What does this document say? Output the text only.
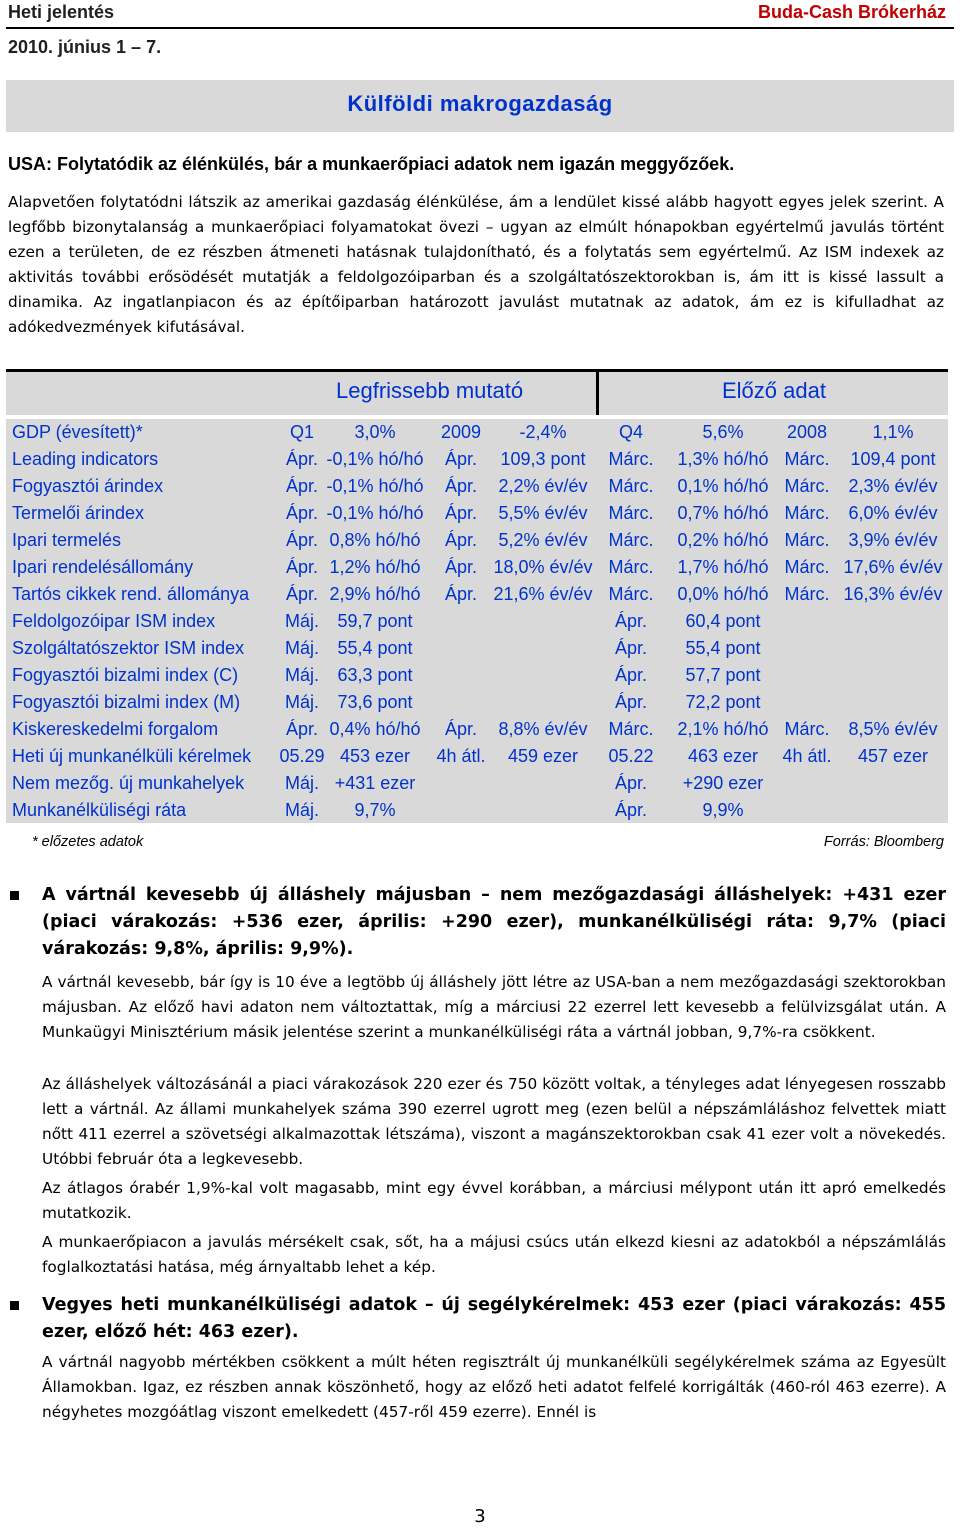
Heti jelentés	Buda-Cash Brókerház
2010. június 1 – 7.
Külföldi makrogazdaság
USA: Folytatódik az élénkülés, bár a munkaerőpiaci adatok nem igazán meggyőzőek.
Alapvetően folytatódni látszik az amerikai gazdaság élénkülése, ám a lendület kissé alább hagyott egyes jelek szerint. A legfőbb bizonytalanság a munkaerőpiaci folyamatokat övezi – ugyan az elmúlt hónapokban egyértelmű javulás történt ezen a területen, de ez részben átmeneti hatásnak tulajdonítható, és a folytatás sem egyértelmű. Az ISM indexek az aktivitás további erősödését mutatják a feldolgozóiparban és a szolgáltatószektorokban is, ám itt is kissé lassult a dinamika. Az ingatlanpiacon és az építőiparban határozott javulást mutatnak az adatok, ám ez is kifulladhat az adókedvezmények kifutásával.
Legfrissebb mutató	Előző adat
GDP (évesített)*	Q1	3,0%	2009	-2,4%	Q4	5,6%	2008	1,1%
Leading indicators	Ápr. -0,1% hó/hó	Ápr.	109,3 pont	Márc.	1,3% hó/hó Márc.	109,4 pont
Fogyasztói árindex	Ápr. -0,1% hó/hó	Ápr.	2,2% év/év	Márc.	0,1% hó/hó Márc.	2,3% év/év
Termelői árindex	Ápr. -0,1% hó/hó	Ápr.	5,5% év/év	Márc.	0,7% hó/hó Márc.	6,0% év/év
Ipari termelés	Ápr. 0,8% hó/hó	Ápr.	5,2% év/év	Márc.	0,2% hó/hó Márc.	3,9% év/év
Ipari rendelésállomány	Ápr. 1,2% hó/hó	Ápr. 18,0% év/év Márc.	1,7% hó/hó Márc. 17,6% év/év
Tartós cikkek rend. állománya	Ápr. 2,9% hó/hó	Ápr. 21,6% év/év Márc.	0,0% hó/hó Márc. 16,3% év/év
Feldolgozóipar ISM index	Máj.	59,7 pont	Ápr.	60,4 pont
Szolgáltatószektor ISM index	Máj.	55,4 pont	Ápr.	55,4 pont
Fogyasztói bizalmi index (C)	Máj.	63,3 pont	Ápr.	57,7 pont
Fogyasztói bizalmi index (M)	Máj.	73,6 pont	Ápr.	72,2 pont
Kiskereskedelmi forgalom	Ápr. 0,4% hó/hó	Ápr.	8,8% év/év	Márc.	2,1% hó/hó Márc.	8,5% év/év
Heti új munkanélküli kérelmek	05.29 453 ezer	4h átl.	459 ezer	05.22	463 ezer	4h átl.	457 ezer
Nem mezőg. új munkahelyek	Máj. +431 ezer	Ápr.	+290 ezer
Munkanélküliségi ráta	Máj.	9,7%	Ápr.	9,9%
* előzetes adatok	Forrás: Bloomberg
A vártnál kevesebb új álláshely májusban – nem mezőgazdasági álláshelyek: +431 ezer (piaci várakozás: +536 ezer, április: +290 ezer), munkanélküliségi ráta: 9,7% (piaci várakozás: 9,8%, április: 9,9%).
A vártnál kevesebb, bár így is 10 éve a legtöbb új álláshely jött létre az USA-ban a nem mezőgazdasági szektorokban májusban. Az előző havi adaton nem változtattak, míg a márciusi 22 ezerrel lett kevesebb a felülvizsgálat után. A Munkaügyi Minisztérium másik jelentése szerint a munkanélküliségi ráta a vártnál jobban, 9,7%-ra csökkent.
Az álláshelyek változásánál a piaci várakozások 220 ezer és 750 között voltak, a tényleges adat lényegesen rosszabb lett a vártnál. Az állami munkahelyek száma 390 ezerrel ugrott meg (ezen belül a népszámláláshoz felvettek miatt nőtt 411 ezerrel a szövetségi alkalmazottak létszáma), viszont a magánszektorokban csak 41 ezer volt a növekedés. Utóbbi február óta a legkevesebb.
Az átlagos órabér 1,9%-kal volt magasabb, mint egy évvel korábban, a márciusi mélypont után itt apró emelkedés mutatkozik.
A munkaerőpiacon a javulás mérsékelt csak, sőt, ha a májusi csúcs után elkezd kiesni az adatokból a népszámlálás foglalkoztatási hatása, még árnyaltabb lehet a kép.
Vegyes heti munkanélküliségi adatok – új segélykérelmek: 453 ezer (piaci várakozás: 455 ezer, előző hét: 463 ezer).
A vártnál nagyobb mértékben csökkent a múlt héten regisztrált új munkanélküli segélykérelmek száma az Egyesült Államokban. Igaz, ez részben annak köszönhető, hogy az előző heti adatot felfelé korrigálták (460-ról 463 ezerre). A négyhetes mozgóátlag viszont emelkedett (457-ről 459 ezerre). Ennél is
3
